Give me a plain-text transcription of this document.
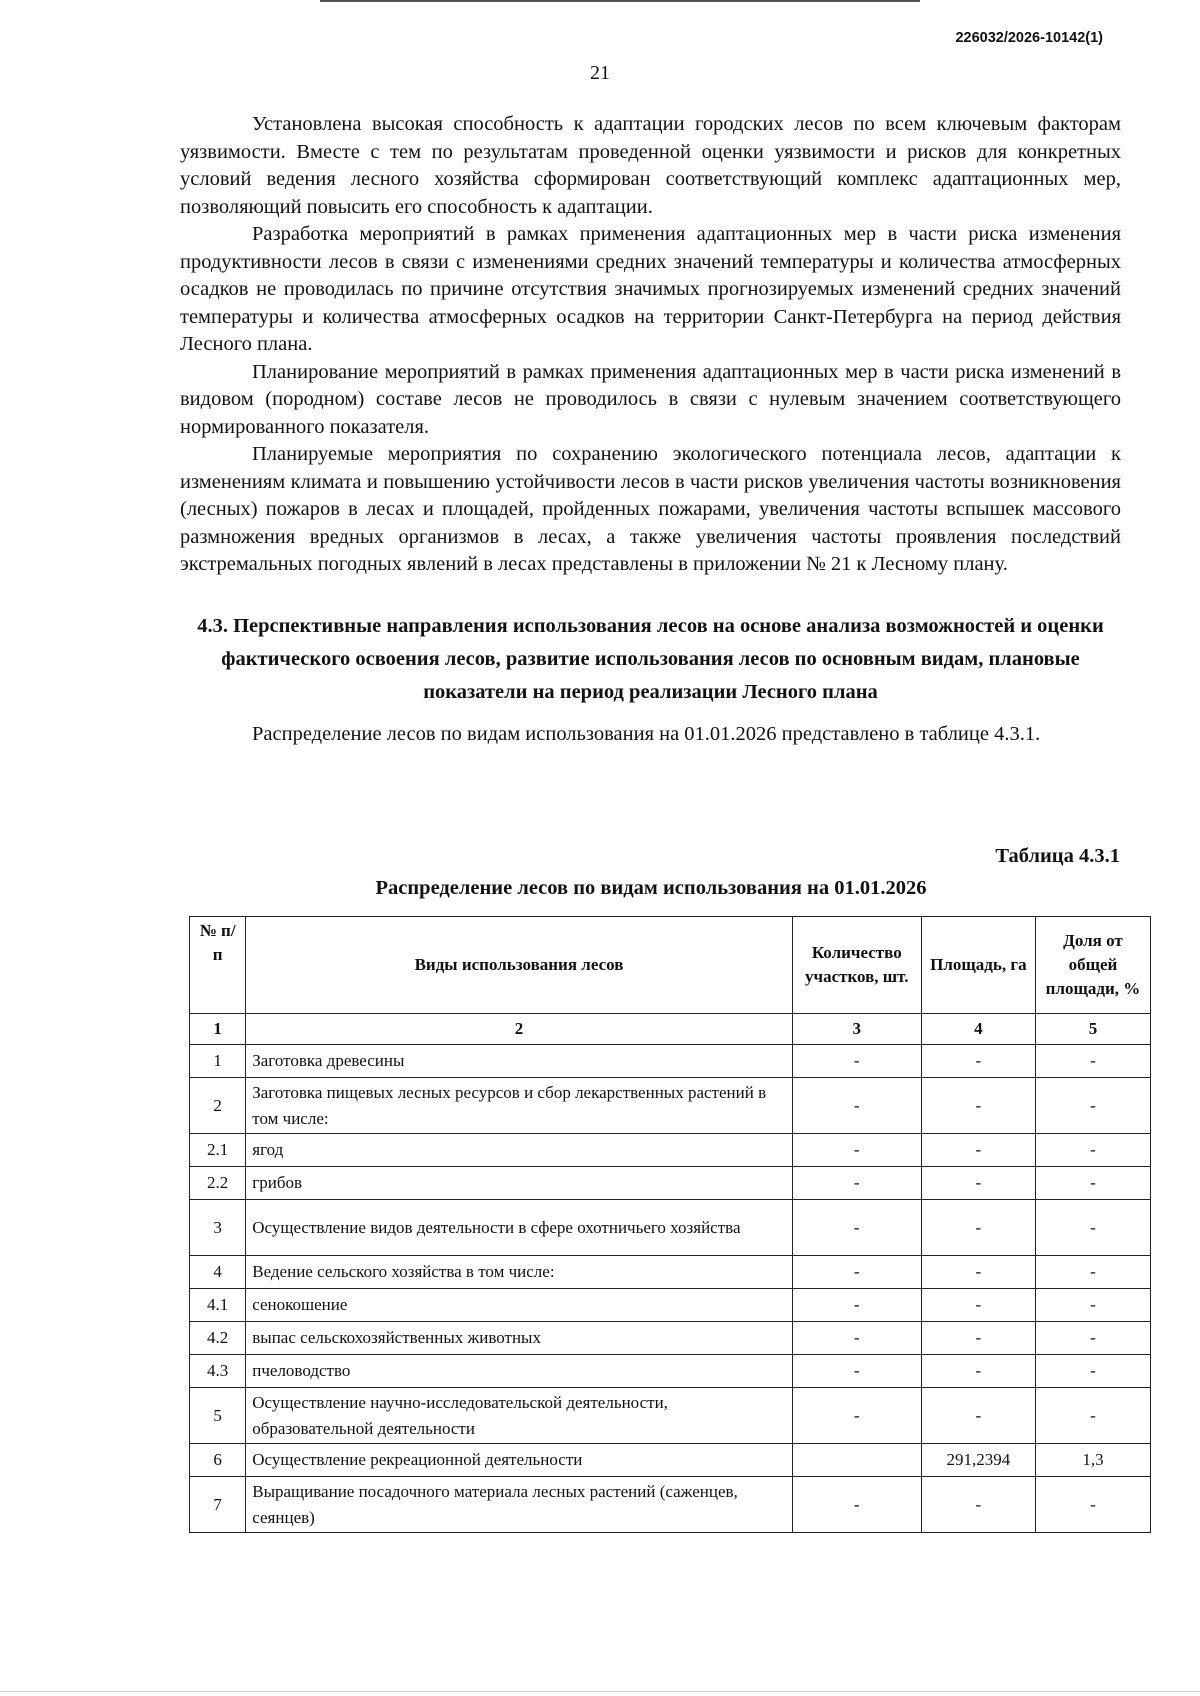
226032/2026-10142(1)
21

Установлена высокая способность к адаптации городских лесов по всем ключевым факторам уязвимости. Вместе с тем по результатам проведенной оценки уязвимости и рисков для конкретных условий ведения лесного хозяйства сформирован соответствующий комплекс адаптационных мер, позволяющий повысить его способность к адаптации.

Разработка мероприятий в рамках применения адаптационных мер в части риска изменения продуктивности лесов в связи с изменениями средних значений температуры и количества атмосферных осадков не проводилась по причине отсутствия значимых прогнозируемых изменений средних значений температуры и количества атмосферных осадков на территории Санкт-Петербурга на период действия Лесного плана.

Планирование мероприятий в рамках применения адаптационных мер в части риска изменений в видовом (породном) составе лесов не проводилось в связи с нулевым значением соответствующего нормированного показателя.

Планируемые мероприятия по сохранению экологического потенциала лесов, адаптации к изменениям климата и повышению устойчивости лесов в части рисков увеличения частоты возникновения (лесных) пожаров в лесах и площадей, пройденных пожарами, увеличения частоты вспышек массового размножения вредных организмов в лесах, а также увеличения частоты проявления последствий экстремальных погодных явлений в лесах представлены в приложении № 21 к Лесному плану.

4.3. Перспективные направления использования лесов на основе анализа возможностей и оценки фактического освоения лесов, развитие использования лесов по основным видам, плановые показатели на период реализации Лесного плана

Распределение лесов по видам использования на 01.01.2026 представлено в таблице 4.3.1.

Таблица 4.3.1
Распределение лесов по видам использования на 01.01.2026
№ п/п	Виды использования лесов	Количество участков, шт.	Площадь, га	Доля от общей площади, %
1	2	3	4	5
1	Заготовка древесины	-	-	-
2	Заготовка пищевых лесных ресурсов и сбор лекарственных растений в том числе:	-	-	-
2.1	ягод	-	-	-
2.2	грибов	-	-	-
3	Осуществление видов деятельности в сфере охотничьего хозяйства	-	-	-
4	Ведение сельского хозяйства в том числе:	-	-	-
4.1	сенокошение	-	-	-
4.2	выпас сельскохозяйственных животных	-	-	-
4.3	пчеловодство	-	-	-
5	Осуществление научно-исследовательской деятельности, образовательной деятельности	-	-	-
6	Осуществление рекреационной деятельности		291,2394	1,3
7	Выращивание посадочного материала лесных растений (саженцев, сеянцев)	-	-	-
